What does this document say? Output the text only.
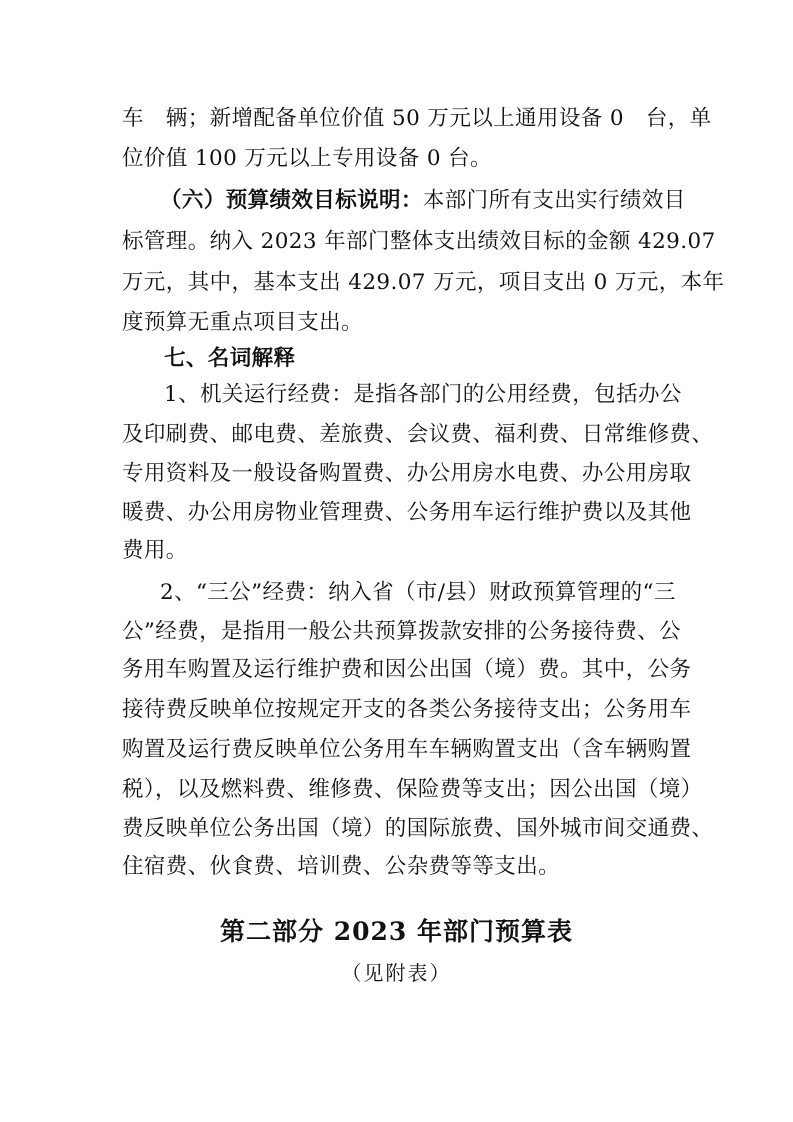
车　辆；新增配备单位价值 50 万元以上通用设备 0　台，单
位价值 100 万元以上专用设备 0 台。
（六）预算绩效目标说明：本部门所有支出实行绩效目
标管理。纳入 2023 年部门整体支出绩效目标的金额 429.07
万元，其中，基本支出 429.07 万元，项目支出 0 万元，本年
度预算无重点项目支出。
七、名词解释
1、机关运行经费：是指各部门的公用经费，包括办公
及印刷费、邮电费、差旅费、会议费、福利费、日常维修费、
专用资料及一般设备购置费、办公用房水电费、办公用房取
暖费、办公用房物业管理费、公务用车运行维护费以及其他
费用。
2、“三公”经费：纳入省（市/县）财政预算管理的“三
公”经费，是指用一般公共预算拨款安排的公务接待费、公
务用车购置及运行维护费和因公出国（境）费。其中，公务
接待费反映单位按规定开支的各类公务接待支出；公务用车
购置及运行费反映单位公务用车车辆购置支出（含车辆购置
税），以及燃料费、维修费、保险费等支出；因公出国（境）
费反映单位公务出国（境）的国际旅费、国外城市间交通费、
住宿费、伙食费、培训费、公杂费等等支出。
第二部分 2023 年部门预算表
（见附表）
